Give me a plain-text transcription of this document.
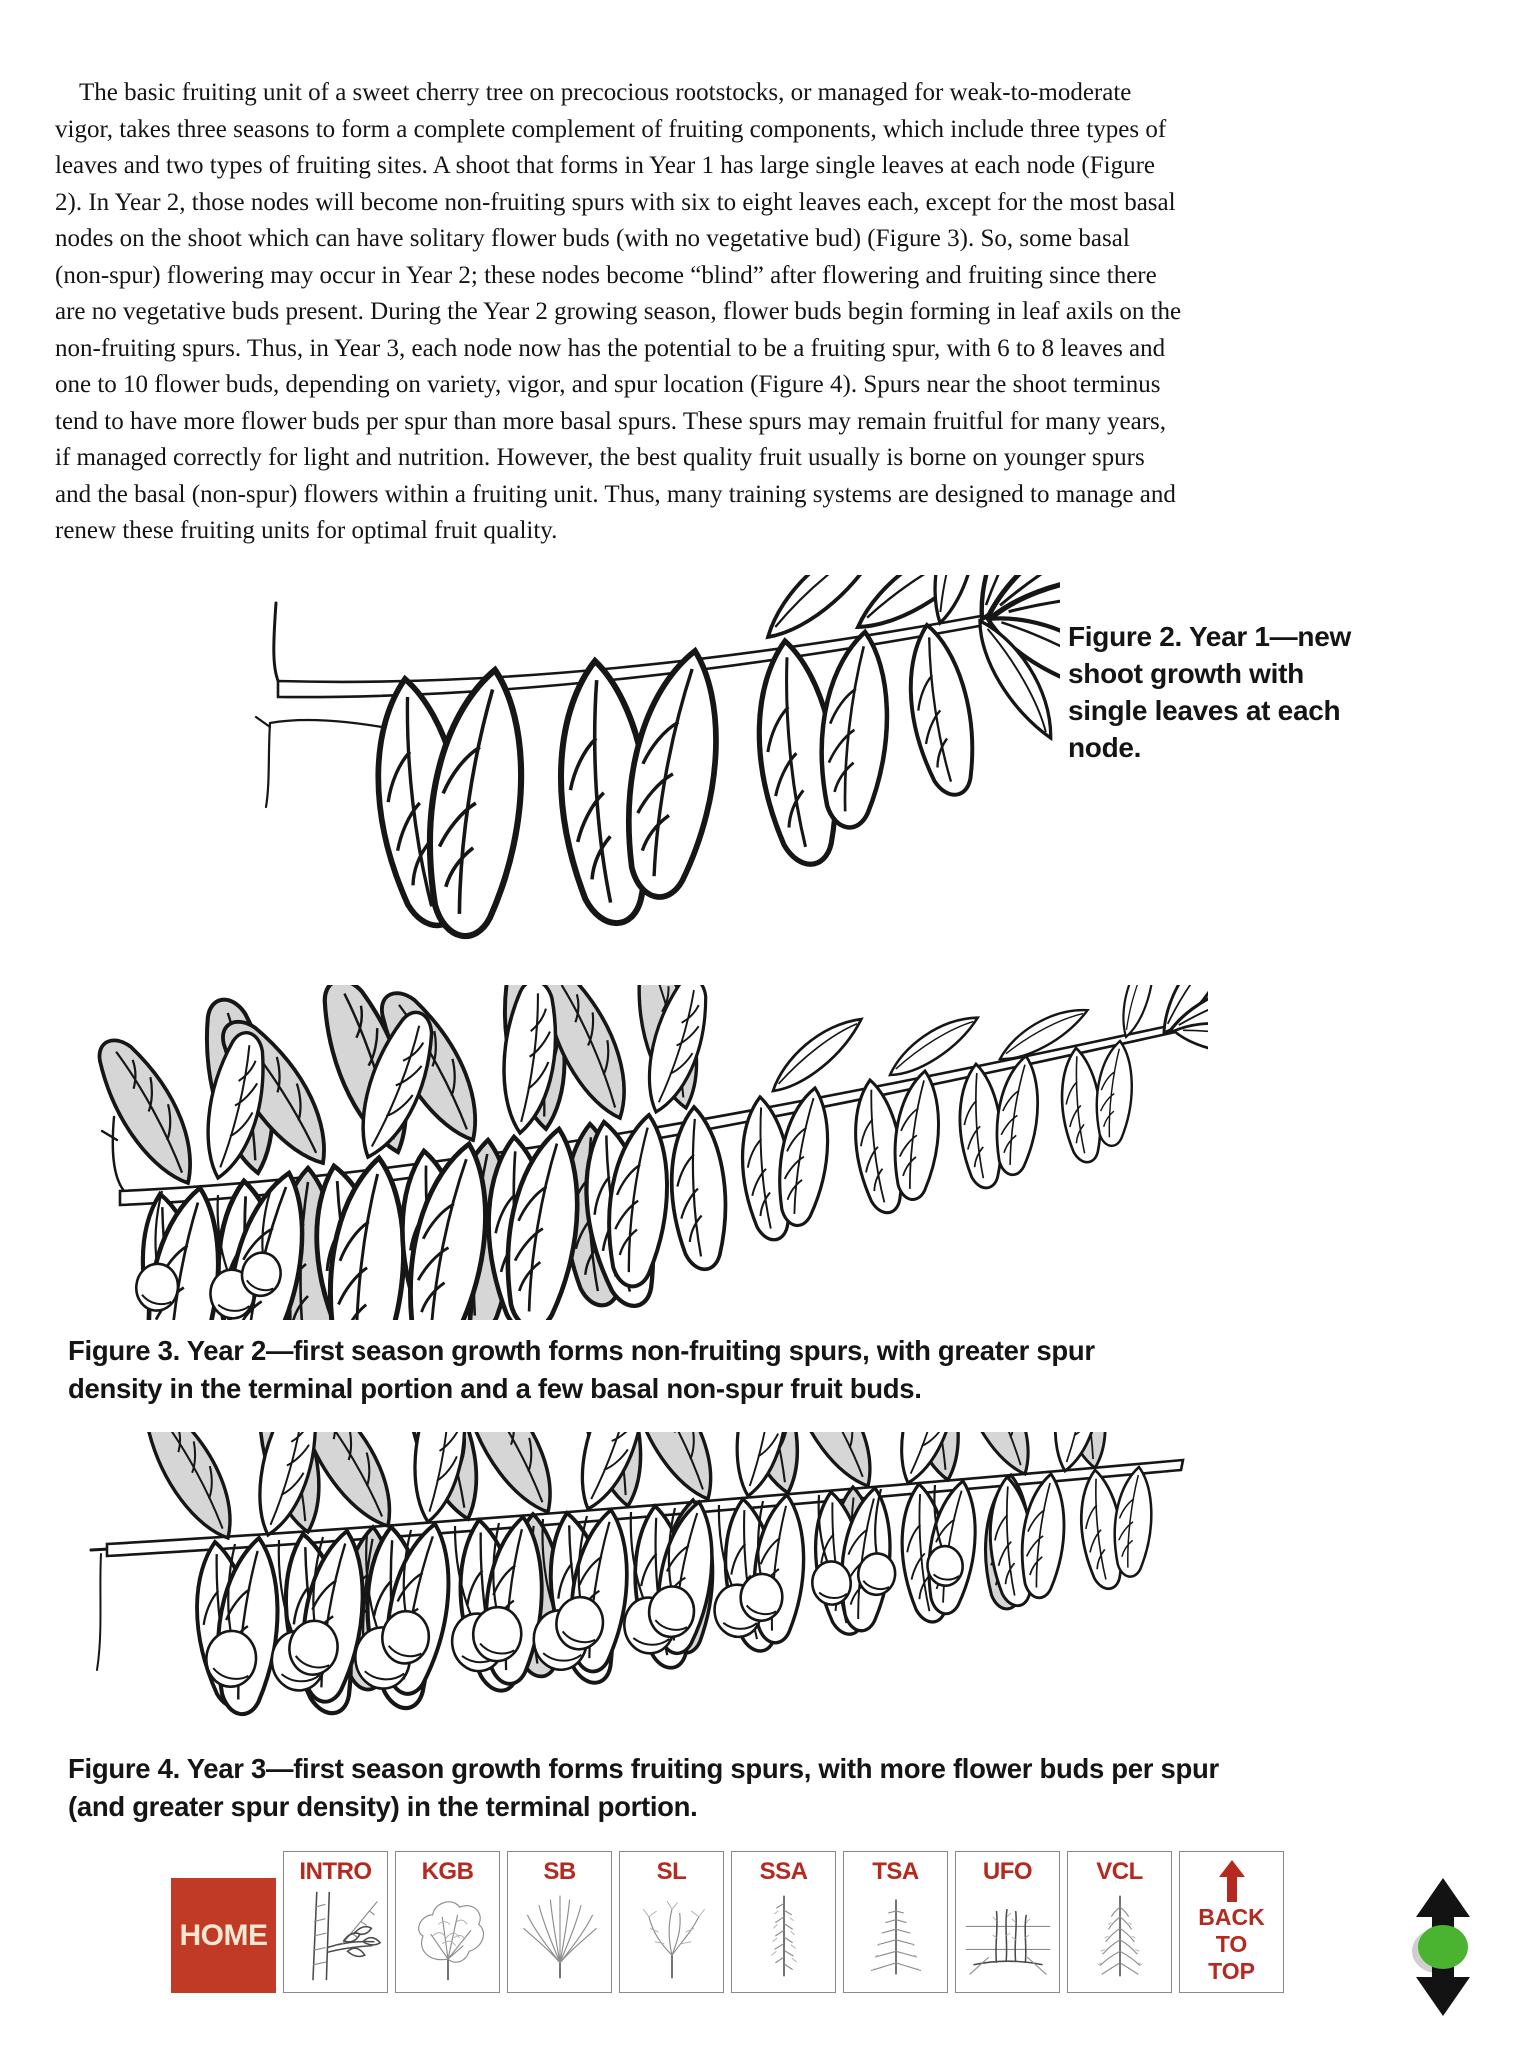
The basic fruiting unit of a sweet cherry tree on precocious rootstocks, or managed for weak-to-moderate vigor, takes three seasons to form a complete complement of fruiting components, which include three types of leaves and two types of fruiting sites. A shoot that forms in Year 1 has large single leaves at each node (Figure 2). In Year 2, those nodes will become non-fruiting spurs with six to eight leaves each, except for the most basal nodes on the shoot which can have solitary flower buds (with no vegetative bud) (Figure 3). So, some basal (non-spur) flowering may occur in Year 2; these nodes become “blind” after flowering and fruiting since there are no vegetative buds present. During the Year 2 growing season, flower buds begin forming in leaf axils on the non-fruiting spurs. Thus, in Year 3, each node now has the potential to be a fruiting spur, with 6 to 8 leaves and one to 10 flower buds, depending on variety, vigor, and spur location (Figure 4). Spurs near the shoot terminus tend to have more flower buds per spur than more basal spurs. These spurs may remain fruitful for many years, if managed correctly for light and nutrition. However, the best quality fruit usually is borne on younger spurs and the basal (non-spur) flowers within a fruiting unit. Thus, many training systems are designed to manage and renew these fruiting units for optimal fruit quality.

Figure 2. Year 1—new shoot growth with single leaves at each node.
Figure 3. Year 2—first season growth forms non-fruiting spurs, with greater spur density in the terminal portion and a few basal non-spur fruit buds.
Figure 4. Year 3—first season growth forms fruiting spurs, with more flower buds per spur (and greater spur density) in the terminal portion.
HOME
INTRO KGB	SB	SL	SSA	TSA	UFO	VCL
BACK
TO
TOP
